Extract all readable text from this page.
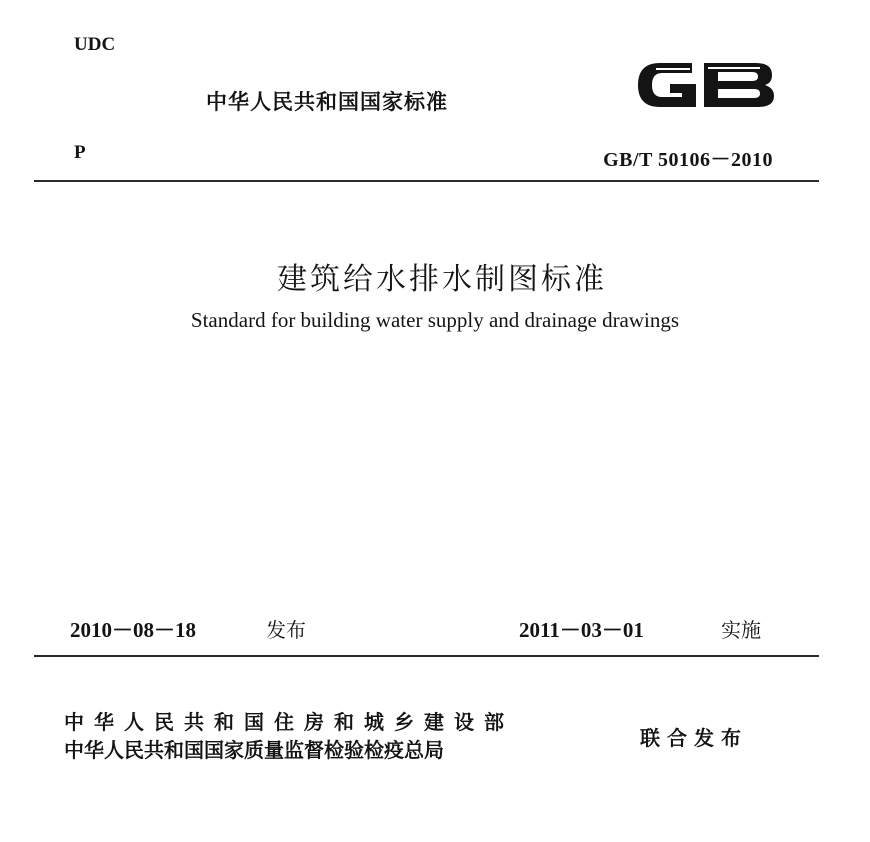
UDC
中华人民共和国国家标准
P	GB/T 50106－2010
建筑给水排水制图标准
Standard for building water supply and drainage drawings
2010－08－18	发布	2011－03－01	实施
中华人民共和国住房和城乡建设部
中华人民共和国国家质量监督检验检疫总局	联合发布
